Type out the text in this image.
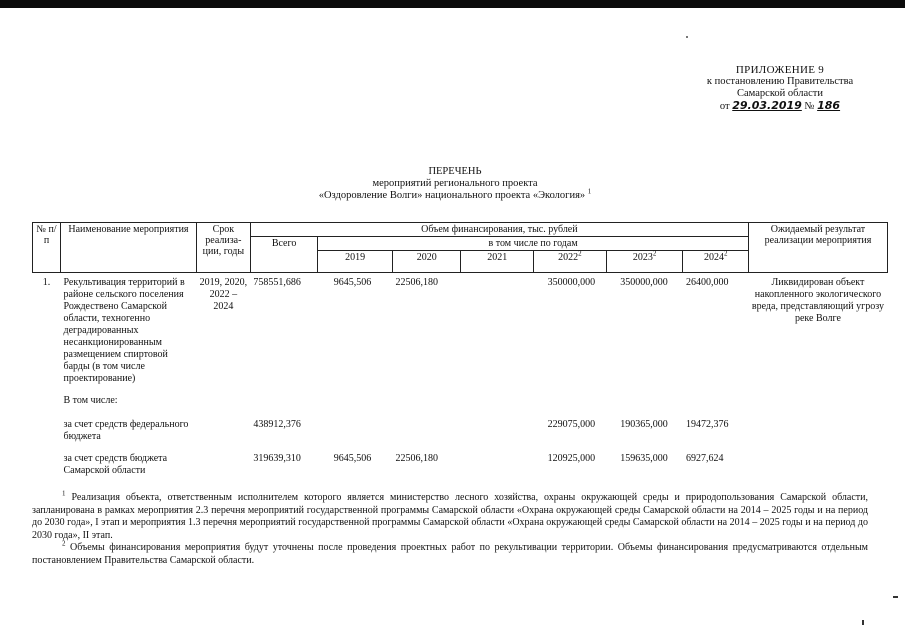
ПРИЛОЖЕНИЕ 9
к постановлению Правительства
Самарской области
от 29.03.2019 № 186
ПЕРЕЧЕНЬ
мероприятий регионального проекта
«Оздоровление Волги» национального проекта «Экология» $^1$
№ п/п	Наименование мероприятия	Срок реализа-ции, годы	Объем финансирования, тыс. рублей							Ожидаемый результат реализации мероприятия
			Всего	в том числе по годам						
				2019	2020	2021	2022$^2$	2023$^2$	2024$^2$
1.	Рекультивация территорий в районе сельского поселения Рождествено Самарской области, техногенно деградированных несанкционированным размещением спиртовой барды (в том числе проектирование)	2019, 2020, 2022 – 2024	758551,686	9645,506	22506,180		350000,000	350000,000	26400,000	Ликвидирован объект накопленного экологического вреда, представляющий угрозу реке Волге
	В том числе:									
	за счет средств федерального бюджета		438912,376				229075,000	190365,000	19472,376	
	за счет средств бюджета Самарской области		319639,310	9645,506	22506,180		120925,000	159635,000	6927,624	

$^1$ Реализация объекта, ответственным исполнителем которого является министерство лесного хозяйства, охраны окружающей среды и природопользования Самарской области, запланирована в рамках мероприятия 2.3 перечня мероприятий государственной программы Самарской области «Охрана окружающей среды Самарской области на 2014 – 2025 годы и на период до 2030 года», I этап и мероприятия 1.3 перечня мероприятий государственной программы Самарской области «Охрана окружающей среды Самарской области на 2014 – 2025 годы и на период до 2030 года», II этап.

$^2$ Объемы финансирования мероприятия будут уточнены после проведения проектных работ по рекультивации территории. Объемы финансирования предусматриваются отдельным постановлением Правительства Самарской области.
